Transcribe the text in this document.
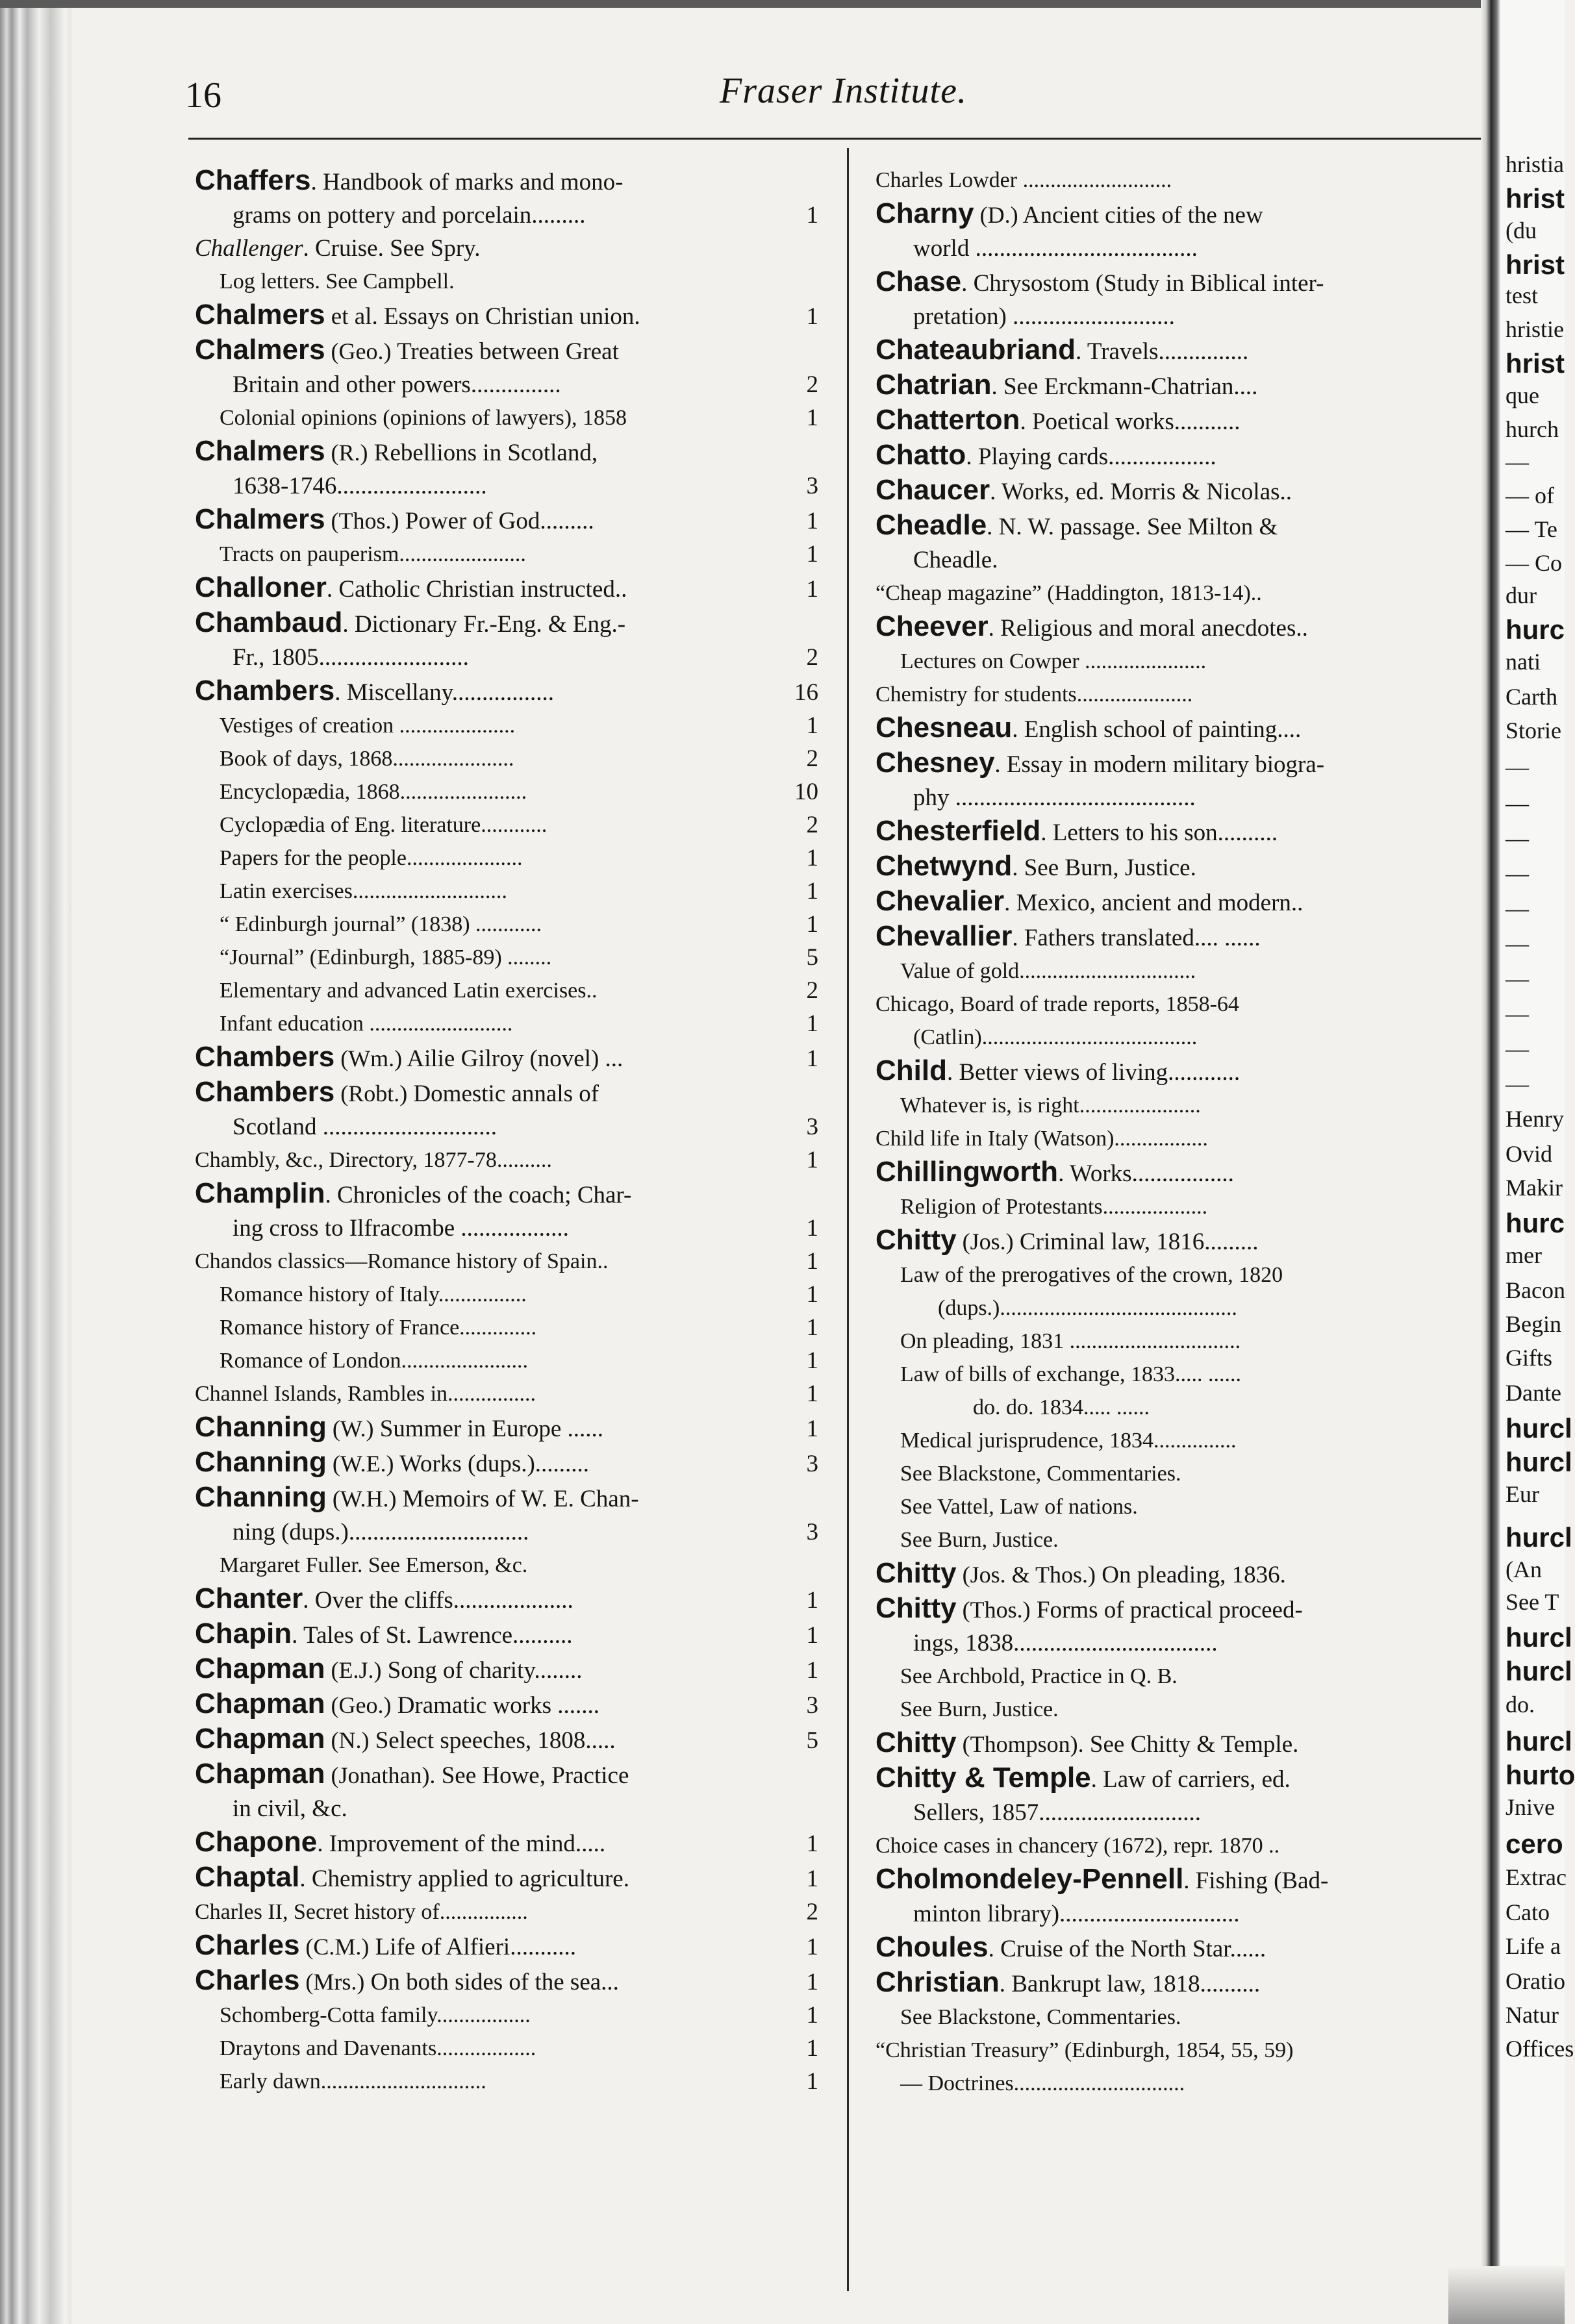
16	Fraser Institute.
Chaffers. Handbook of marks and mono-
grams on pottery and porcelain.........	1
Challenger. Cruise. See Spry.
Log letters. See Campbell.
Chalmers et al. Essays on Christian union.	1
Chalmers (Geo.) Treaties between Great
Britain and other powers...............	2
Colonial opinions (opinions of lawyers), 1858	1
Chalmers (R.) Rebellions in Scotland,
1638-1746.........................	3
Chalmers (Thos.) Power of God.........	1
Tracts on pauperism.......................	1
Challoner. Catholic Christian instructed..	1
Chambaud. Dictionary Fr.-Eng. & Eng.-
Fr., 1805.........................	2
Chambers. Miscellany.................	16
Vestiges of creation .....................	1
Book of days, 1868......................	2
Encyclopædia, 1868.......................	10
Cyclopædia of Eng. literature............	2
Papers for the people.....................	1
Latin exercises............................	1
“ Edinburgh journal” (1838) ............	1
“Journal” (Edinburgh, 1885-89) ........	5
Elementary and advanced Latin exercises..	2
Infant education ..........................	1
Chambers (Wm.) Ailie Gilroy (novel) ...	1
Chambers (Robt.) Domestic annals of
Scotland .............................	3
Chambly, &c., Directory, 1877-78..........	1
Champlin. Chronicles of the coach; Char-
ing cross to Ilfracombe ..................	1
Chandos classics—Romance history of Spain..	1
Romance history of Italy................	1
Romance history of France..............	1
Romance of London.......................	1
Channel Islands, Rambles in................	1
Channing (W.) Summer in Europe ......	1
Channing (W.E.) Works (dups.).........	3
Channing (W.H.) Memoirs of W. E. Chan-
ning (dups.)..............................	3
Margaret Fuller. See Emerson, &c.
Chanter. Over the cliffs....................	1
Chapin. Tales of St. Lawrence..........	1
Chapman (E.J.) Song of charity........	1
Chapman (Geo.) Dramatic works .......	3
Chapman (N.) Select speeches, 1808.....	5
Chapman (Jonathan). See Howe, Practice
in civil, &c.
Chapone. Improvement of the mind.....	1
Chaptal. Chemistry applied to agriculture.	1
Charles II, Secret history of................	2
Charles (C.M.) Life of Alfieri...........	1
Charles (Mrs.) On both sides of the sea...	1
Schomberg-Cotta family.................	1
Draytons and Davenants..................	1
Early dawn..............................	1
Charles Lowder ...........................
Charny (D.) Ancient cities of the new
world .....................................
Chase. Chrysostom (Study in Biblical inter-
pretation) ...........................
Chateaubriand. Travels...............
Chatrian. See Erckmann-Chatrian....
Chatterton. Poetical works...........
Chatto. Playing cards..................
Chaucer. Works, ed. Morris & Nicolas..
Cheadle. N. W. passage. See Milton &
Cheadle.
“Cheap magazine” (Haddington, 1813-14)..
Cheever. Religious and moral anecdotes..
Lectures on Cowper ......................
Chemistry for students.....................
Chesneau. English school of painting....
Chesney. Essay in modern military biogra-
phy ........................................
Chesterfield. Letters to his son..........
Chetwynd. See Burn, Justice.
Chevalier. Mexico, ancient and modern..
Chevallier. Fathers translated.... ......
Value of gold................................
Chicago, Board of trade reports, 1858-64
(Catlin).......................................
Child. Better views of living............
Whatever is, is right......................
Child life in Italy (Watson).................
Chillingworth. Works.................
Religion of Protestants...................
Chitty (Jos.) Criminal law, 1816.........
Law of the prerogatives of the crown, 1820
(dups.)...........................................
On pleading, 1831 ...............................
Law of bills of exchange, 1833..... ......
do. do. 1834..... ......
Medical jurisprudence, 1834...............
See Blackstone, Commentaries.
See Vattel, Law of nations.
See Burn, Justice.
Chitty (Jos. & Thos.) On pleading, 1836.
Chitty (Thos.) Forms of practical proceed-
ings, 1838..................................
See Archbold, Practice in Q. B.
See Burn, Justice.
Chitty (Thompson). See Chitty & Temple.
Chitty & Temple. Law of carriers, ed.
Sellers, 1857...........................
Choice cases in chancery (1672), repr. 1870 ..
Cholmondeley-Pennell. Fishing (Bad-
minton library)..............................
Choules. Cruise of the North Star......
Christian. Bankrupt law, 1818..........
See Blackstone, Commentaries.
“Christian Treasury” (Edinburgh, 1854, 55, 59)
— Doctrines...............................
hristia
hrist
(du
hrist
test
hristie
hrist
que
hurch
—
— of
— Te
— Co
dur
hurc
nati
Carth
Storie
—
—
—
—
—
—
—
—
—
—
Henry
Ovid
Makir
hurc
mer
Bacon
Begin
Gifts
Dante
hurcl
hurcl
Eur
hurcl
(An
See T
hurcl
hurcl
do.
hurcl
hurto
Jnive
cero
Extrac
Cato
Life a
Oratio
Natur
Offices
